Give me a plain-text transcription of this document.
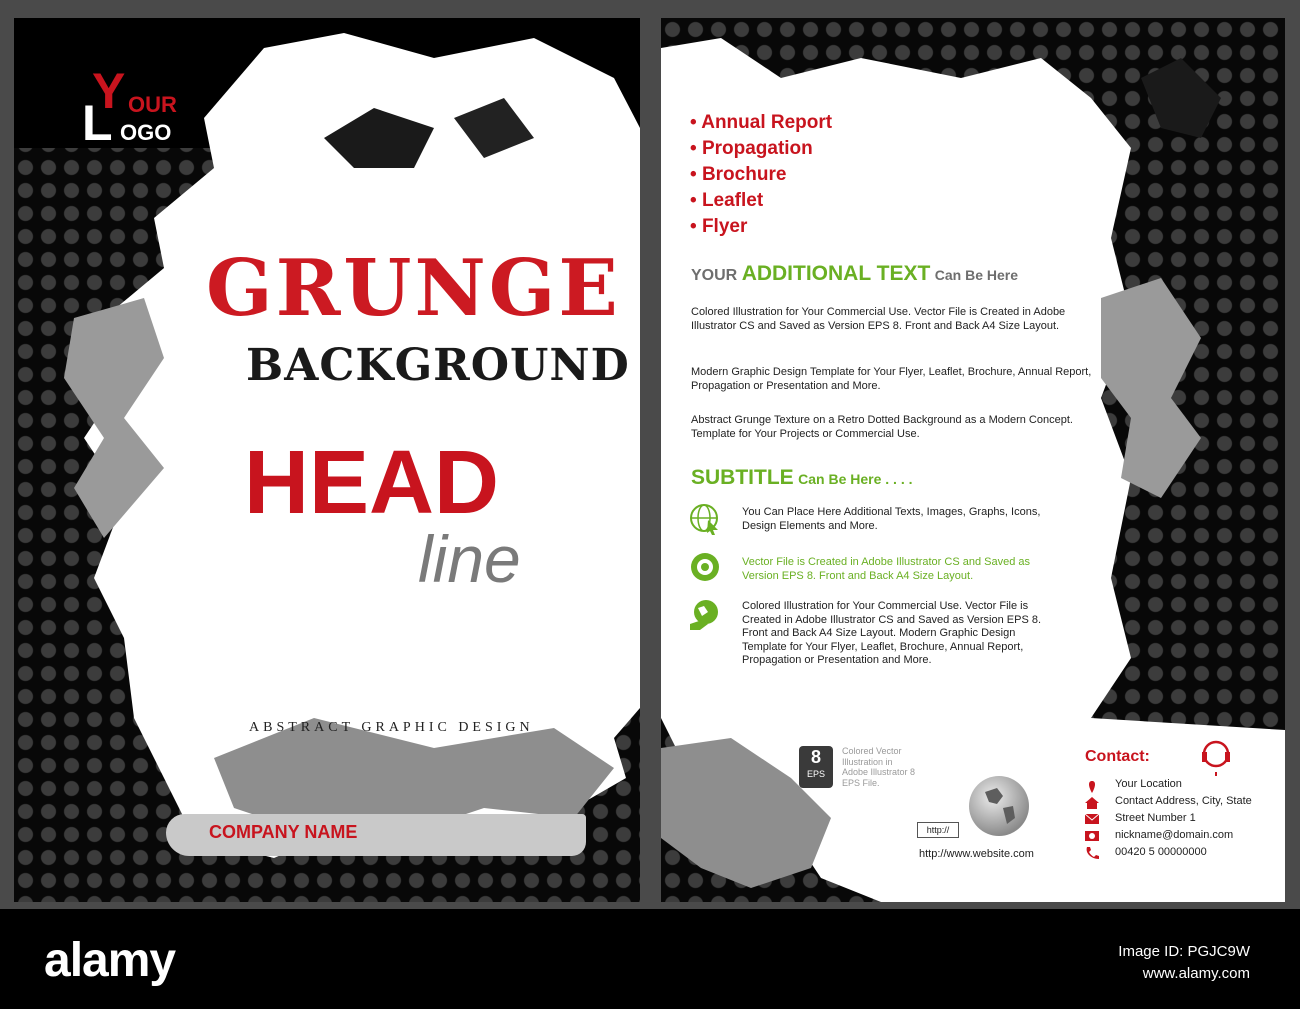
Y OUR
L OGO
GRUNGE
BACKGROUND
HEAD
line
ABSTRACT GRAPHIC DESIGN
COMPANY NAME
• Annual Report
• Propagation
• Brochure
• Leaflet
• Flyer
YOUR ADDITIONAL TEXT Can Be Here

Colored Illustration for Your Commercial Use. Vector File is Created in Adobe Illustrator CS and Saved as Version EPS 8. Front and Back A4 Size Layout.

Modern Graphic Design Template for Your Flyer, Leaflet, Brochure, Annual Report, Propagation or Presentation and More.

Abstract Grunge Texture on a Retro Dotted Background as a Modern Concept. Template for Your Projects or Commercial Use.

SUBTITLE Can Be Here . . . .

You Can Place Here Additional Texts, Images, Graphs, Icons, Design Elements and More.

Vector File is Created in Adobe Illustrator CS and Saved as Version EPS 8. Front and Back A4 Size Layout.

Colored Illustration for Your Commercial Use. Vector File is Created in Adobe Illustrator CS and Saved as Version EPS 8. Front and Back A4 Size Layout. Modern Graphic Design Template for Your Flyer, Leaflet, Brochure, Annual Report, Propagation or Presentation and More.

8
EPS
Colored Vector Illustration in Adobe Illustrator 8 EPS File.
http://
http://www.website.com
Contact:
Your Location
Contact Address, City, State
Street Number 1
nickname@domain.com
00420 5 00000000
alamy	Image ID: PGJC9W
www.alamy.com
